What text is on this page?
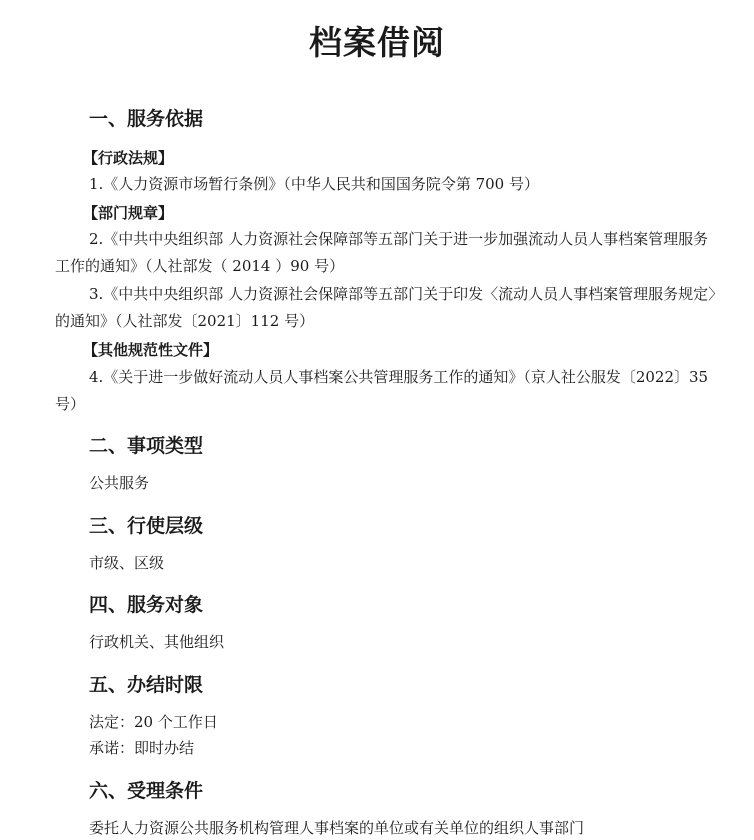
档案借阅
一、服务依据
【行政法规】
1.《人力资源市场暂行条例》（中华人民共和国国务院令第 700 号）
【部门规章】
2.《中共中央组织部 人力资源社会保障部等五部门关于进一步加强流动人员人事档案管理服务工作的通知》（人社部发（ 2014 ）90 号）
3.《中共中央组织部 人力资源社会保障部等五部门关于印发〈流动人员人事档案管理服务规定〉的通知》（人社部发〔2021〕112 号）
【其他规范性文件】
4.《关于进一步做好流动人员人事档案公共管理服务工作的通知》（京人社公服发〔2022〕35 号）
二、事项类型
公共服务
三、行使层级
市级、区级
四、服务对象
行政机关、其他组织
五、办结时限
法定：20 个工作日
承诺：即时办结
六、受理条件
委托人力资源公共服务机构管理人事档案的单位或有关单位的组织人事部门
